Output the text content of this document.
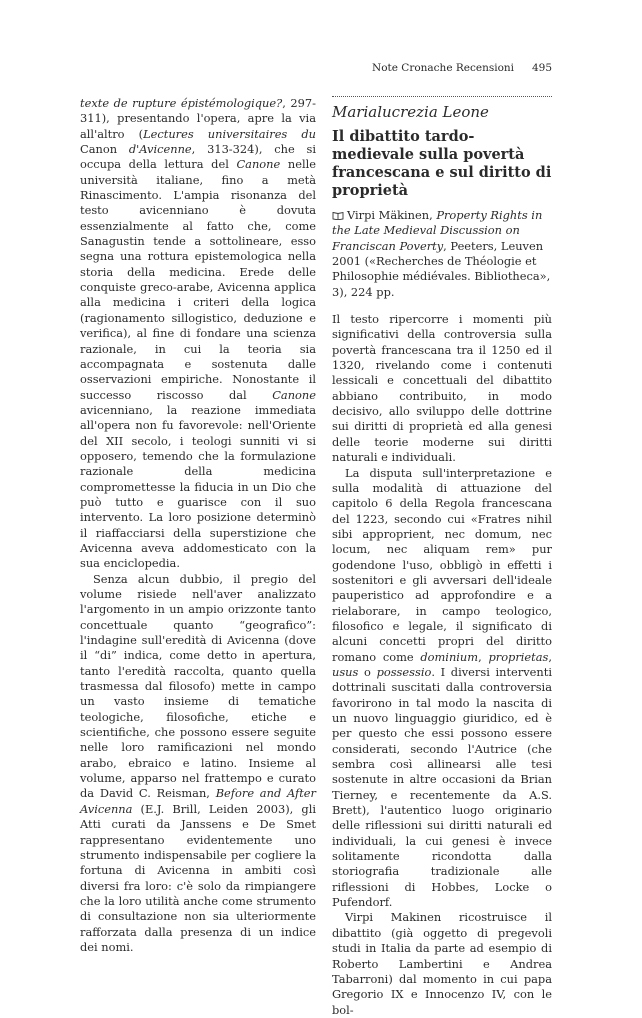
Note Cronache Recensioni 495

texte de rupture épistémologique?, 297-311), presentando l'opera, apre la via all'altro (Lectures universitaires du Canon d'Avicenne, 313-324), che si occupa della lettura del Canone nelle università italiane, fino a metà Rinascimento. L'ampia risonanza del testo avicenniano è dovuta essenzialmente al fatto che, come Sanagustin tende a sottolineare, esso segna una rottura epistemologica nella storia della medicina. Erede delle conquiste greco-arabe, Avicenna applica alla medicina i criteri della logica (ragionamento sillogistico, deduzione e verifica), al fine di fondare una scienza razionale, in cui la teoria sia accompagnata e sostenuta dalle osservazioni empiriche. Nonostante il successo riscosso dal Canone avicenniano, la reazione immediata all'opera non fu favorevole: nell'Oriente del XII secolo, i teologi sunniti vi si opposero, temendo che la formulazione razionale della medicina compromettesse la fiducia in un Dio che può tutto e guarisce con il suo intervento. La loro posizione determinò il riaffacciarsi della superstizione che Avicenna aveva addomesticato con la sua enciclopedia.

Senza alcun dubbio, il pregio del volume risiede nell'aver analizzato l'argomento in un ampio orizzonte tanto concettuale quanto “geografico”: l'indagine sull'eredità di Avicenna (dove il “di” indica, come detto in apertura, tanto l'eredità raccolta, quanto quella trasmessa dal filosofo) mette in campo un vasto insieme di tematiche teologiche, filosofiche, etiche e scientifiche, che possono essere seguite nelle loro ramificazioni nel mondo arabo, ebraico e latino. Insieme al volume, apparso nel frattempo e curato da David C. Reisman, Before and After Avicenna (E.J. Brill, Leiden 2003), gli Atti curati da Janssens e De Smet rappresentano evidentemente uno strumento indispensabile per cogliere la fortuna di Avicenna in ambiti così diversi fra loro: c'è solo da rimpiangere che la loro utilità anche come strumento di consultazione non sia ulteriormente rafforzata dalla presenza di un indice dei nomi.

Marialucrezia Leone
Il dibattito tardo-medievale sulla povertà francescana e sul diritto di proprietà
Virpi Mäkinen, Property Rights in the Late Medieval Discussion on Franciscan Poverty, Peeters, Leuven 2001 («Recherches de Théologie et Philosophie médiévales. Bibliotheca», 3), 224 pp.

Il testo ripercorre i momenti più significativi della controversia sulla povertà francescana tra il 1250 ed il 1320, rivelando come i contenuti lessicali e concettuali del dibattito abbiano contribuito, in modo decisivo, allo sviluppo delle dottrine sui diritti di proprietà ed alla genesi delle teorie moderne sui diritti naturali e individuali.

La disputa sull'interpretazione e sulla modalità di attuazione del capitolo 6 della Regola francescana del 1223, secondo cui «Fratres nihil sibi approprient, nec domum, nec locum, nec aliquam rem» pur godendone l'uso, obbligò in effetti i sostenitori e gli avversari dell'ideale pauperistico ad approfondire e a rielaborare, in campo teologico, filosofico e legale, il significato di alcuni concetti propri del diritto romano come dominium, proprietas, usus o possessio. I diversi interventi dottrinali suscitati dalla controversia favorirono in tal modo la nascita di un nuovo linguaggio giuridico, ed è per questo che essi possono essere considerati, secondo l'Autrice (che sembra così allinearsi alle tesi sostenute in altre occasioni da Brian Tierney, e recentemente da A.S. Brett), l'autentico luogo originario delle riflessioni sui diritti naturali ed individuali, la cui genesi è invece solitamente ricondotta dalla storiografia tradizionale alle riflessioni di Hobbes, Locke o Pufendorf.

Virpi Makinen ricostruisce il dibattito (già oggetto di pregevoli studi in Italia da parte ad esempio di Roberto Lambertini e Andrea Tabarroni) dal momento in cui papa Gregorio IX e Innocenzo IV, con le bol-
